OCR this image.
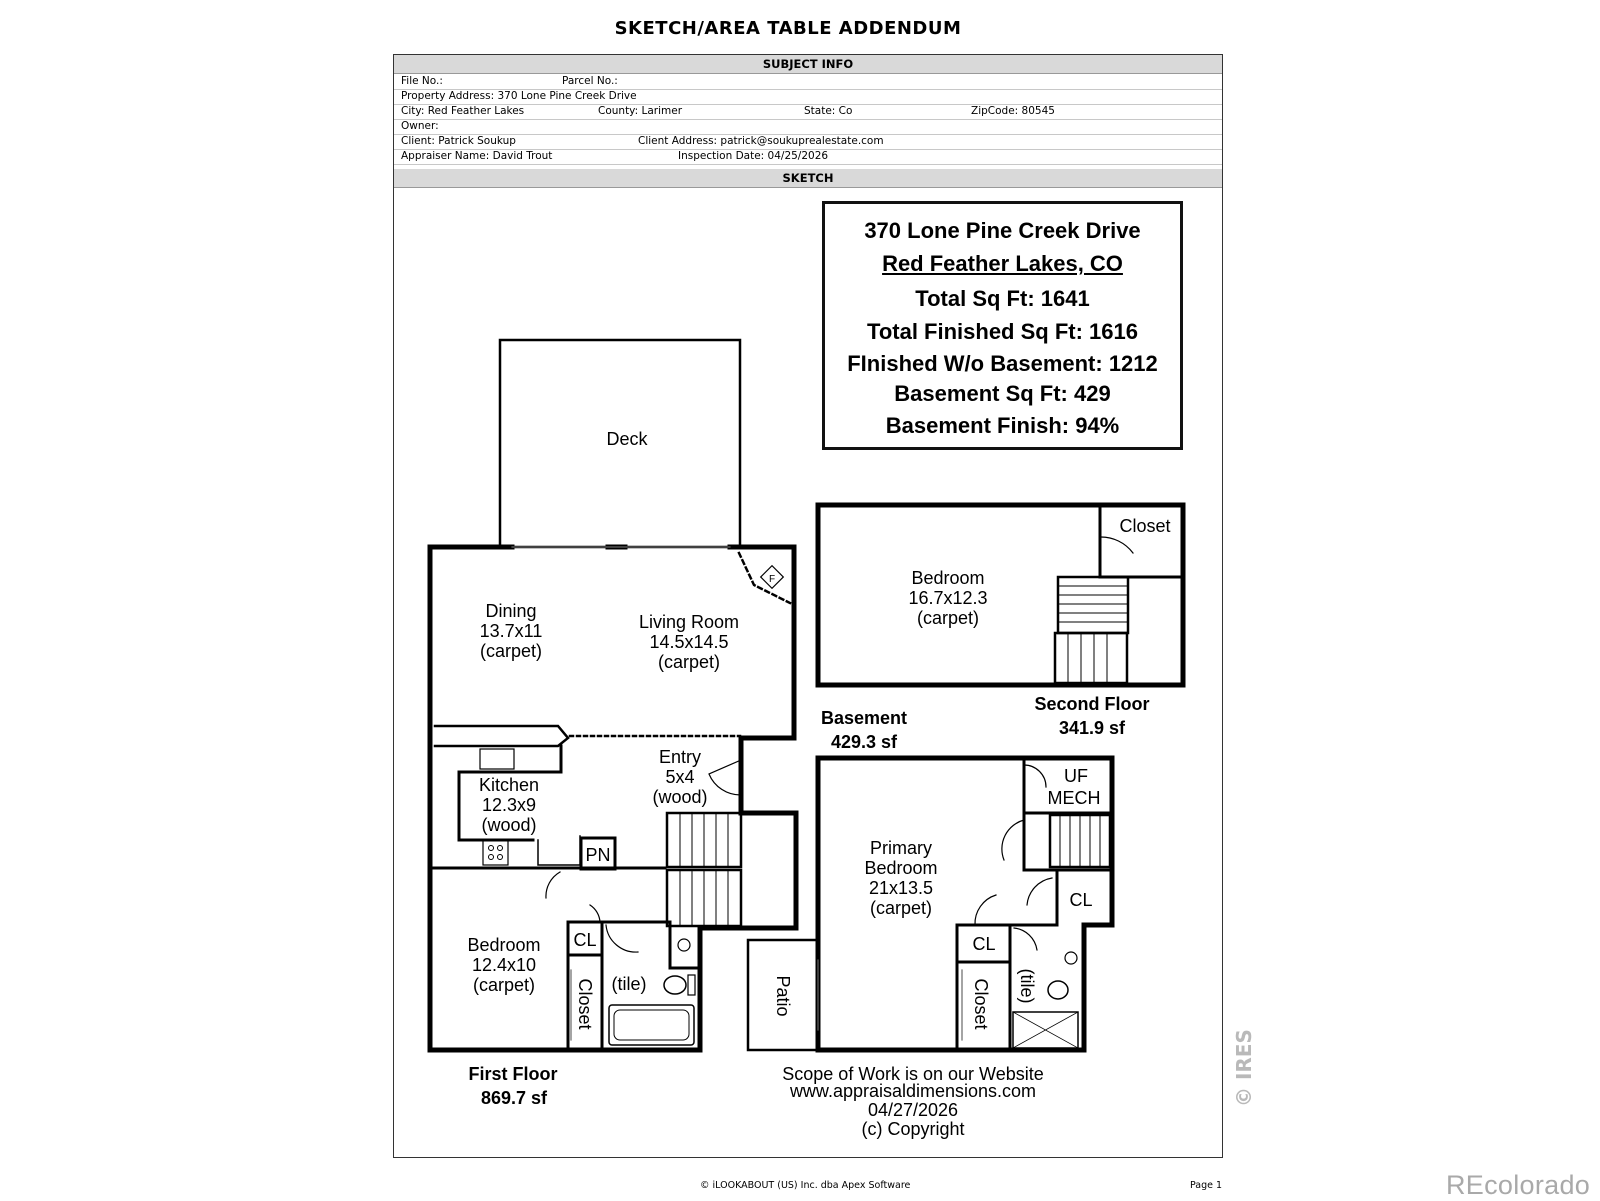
SKETCH/AREA TABLE ADDENDUM
SUBJECT INFO
File No.:	Parcel No.:
Property Address: 370 Lone Pine Creek Drive
City: Red Feather Lakes	County: Larimer	State: Co	ZipCode: 80545
Owner:
Client: Patrick Soukup	Client Address: patrick@soukuprealestate.com
Appraiser Name: David Trout	Inspection Date: 04/25/2026
SKETCH
370 Lone Pine Creek Drive
Red Feather Lakes, CO
Total Sq Ft: 1641
Total Finished Sq Ft: 1616
FInished W/o Basement: 1212
Basement Sq Ft: 429
Basement Finish: 94%
Deck
Dining
13.7x11
(carpet)
Living Room
14.5x14.5
(carpet)
F
Entry
5x4
(wood)
Kitchen
12.3x9
(wood)
PN
Bedroom
12.4x10
(carpet)
CL
Closet (tile)	Patio
Primary
Bedroom
21x13.5
(carpet)
UF
MECH
CL
CL
Closet (tile)
Bedroom
16.7x12.3
(carpet)
Closet
First Floor
869.7 sf
Basement
429.3 sf
Second Floor
341.9 sf
Scope of Work is on our Website
www.appraisaldimensions.com
04/27/2026
(c) Copyright
© iLOOKABOUT (US) Inc. dba Apex Software	Page 1
© IRES
REcolorado
